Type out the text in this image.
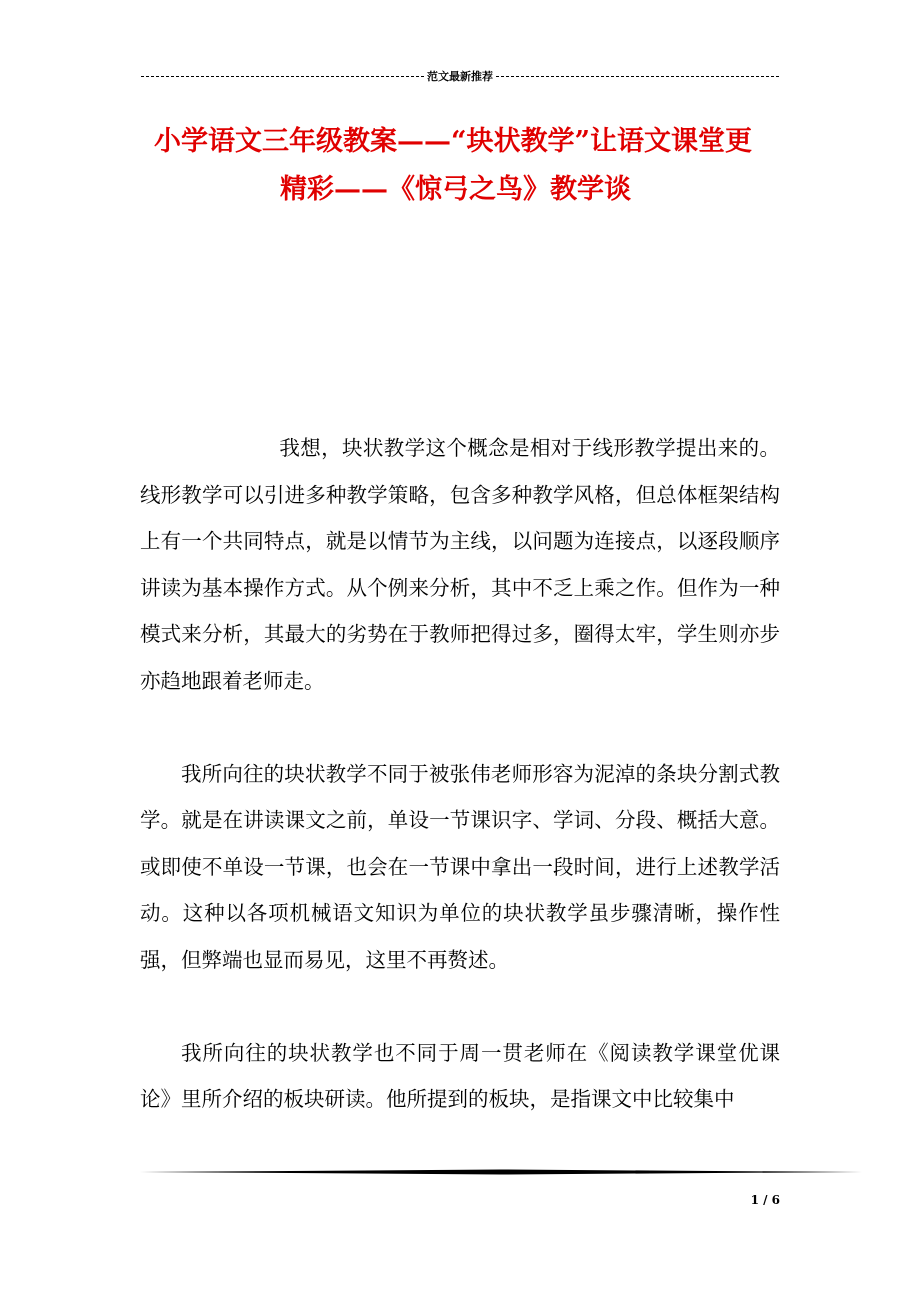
范文最新推荐
小学语文三年级教案——“块状教学”让语文课堂更
精彩——《惊弓之鸟》教学谈

我想，块状教学这个概念是相对于线形教学提出来的。线形教学可以引进多种教学策略，包含多种教学风格，但总体框架结构上有一个共同特点，就是以情节为主线，以问题为连接点，以逐段顺序讲读为基本操作方式。从个例来分析，其中不乏上乘之作。但作为一种模式来分析，其最大的劣势在于教师把得过多，圈得太牢，学生则亦步亦趋地跟着老师走。

我所向往的块状教学不同于被张伟老师形容为泥淖的条块分割式教学。就是在讲读课文之前，单设一节课识字、学词、分段、概括大意。或即使不单设一节课，也会在一节课中拿出一段时间，进行上述教学活动。这种以各项机械语文知识为单位的块状教学虽步骤清晰，操作性强，但弊端也显而易见，这里不再赘述。

我所向往的块状教学也不同于周一贯老师在《阅读教学课堂优课论》里所介绍的板块研读。他所提到的板块，是指课文中比较集中

1 / 6
